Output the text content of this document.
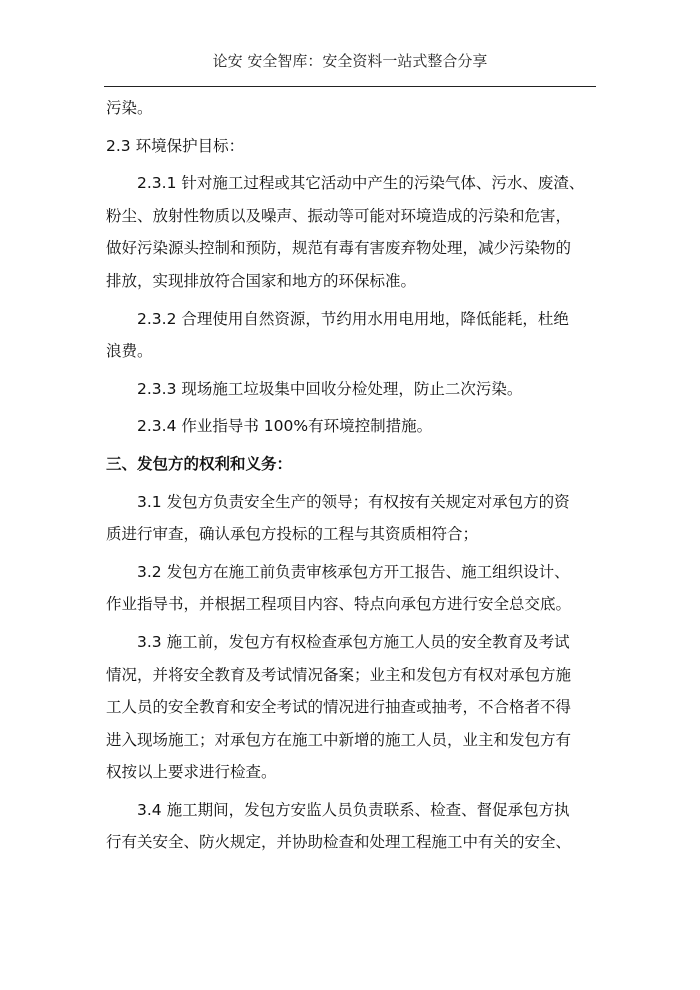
论安 安全智库：安全资料一站式整合分享
污染。
2.3 环境保护目标：
2.3.1 针对施工过程或其它活动中产生的污染气体、污水、废渣、
粉尘、放射性物质以及噪声、振动等可能对环境造成的污染和危害，
做好污染源头控制和预防，规范有毒有害废弃物处理，减少污染物的
排放，实现排放符合国家和地方的环保标准。
2.3.2 合理使用自然资源，节约用水用电用地，降低能耗，杜绝
浪费。
2.3.3 现场施工垃圾集中回收分检处理，防止二次污染。
2.3.4 作业指导书 100%有环境控制措施。
三、发包方的权利和义务：
3.1 发包方负责安全生产的领导；有权按有关规定对承包方的资
质进行审查，确认承包方投标的工程与其资质相符合；
3.2 发包方在施工前负责审核承包方开工报告、施工组织设计、
作业指导书，并根据工程项目内容、特点向承包方进行安全总交底。
3.3 施工前，发包方有权检查承包方施工人员的安全教育及考试
情况，并将安全教育及考试情况备案；业主和发包方有权对承包方施
工人员的安全教育和安全考试的情况进行抽查或抽考，不合格者不得
进入现场施工；对承包方在施工中新增的施工人员，业主和发包方有
权按以上要求进行检查。
3.4 施工期间，发包方安监人员负责联系、检查、督促承包方执
行有关安全、防火规定，并协助检查和处理工程施工中有关的安全、
